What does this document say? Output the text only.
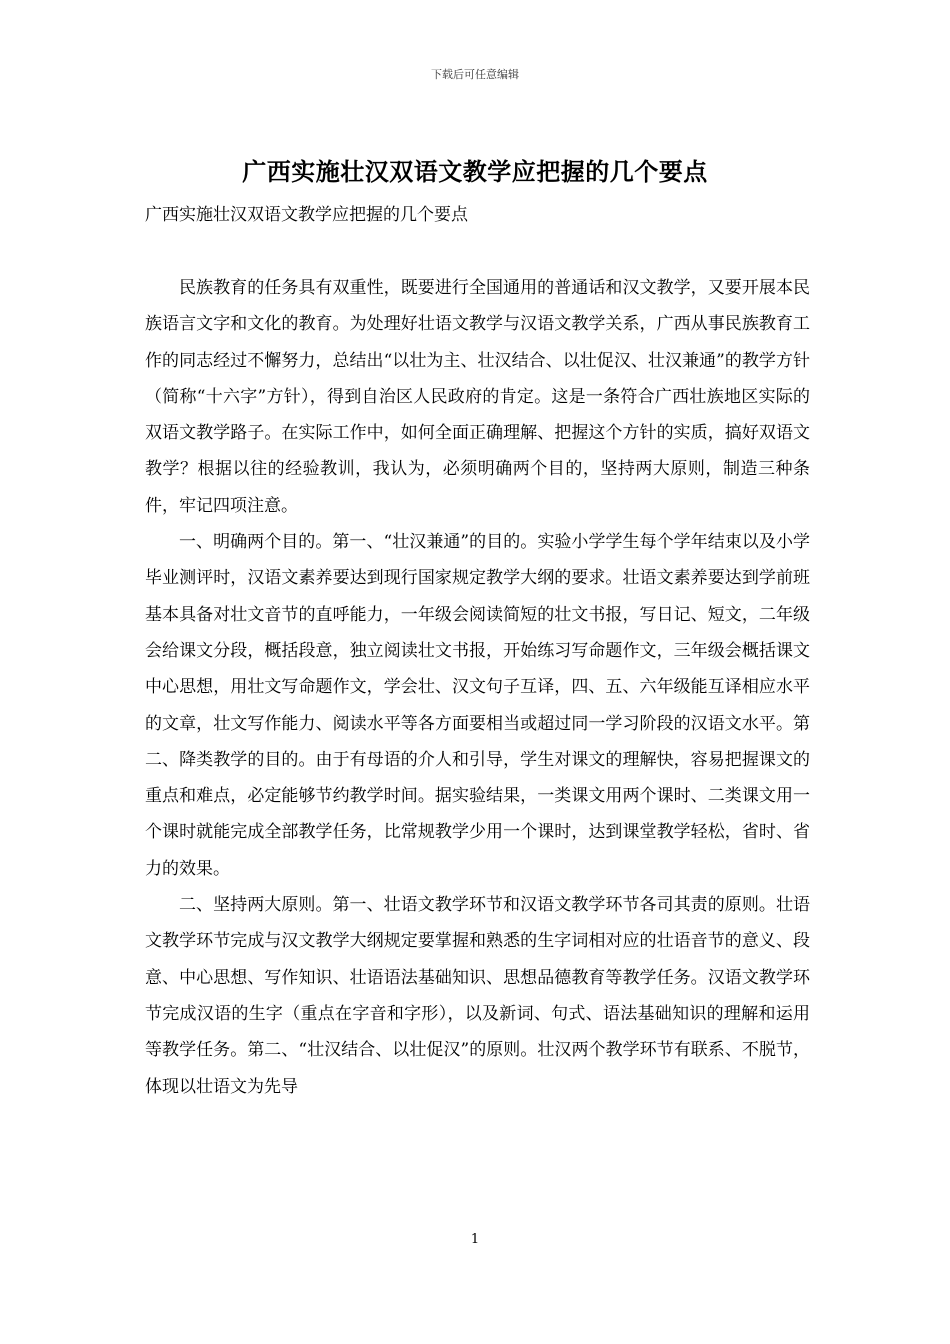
下载后可任意编辑
广西实施壮汉双语文教学应把握的几个要点
广西实施壮汉双语文教学应把握的几个要点

民族教育的任务具有双重性，既要进行全国通用的普通话和汉文教学，又要开展本民族语言文字和文化的教育。为处理好壮语文教学与汉语文教学关系，广西从事民族教育工作的同志经过不懈努力，总结出“以壮为主、壮汉结合、以壮促汉、壮汉兼通”的教学方针（简称“十六字”方针），得到自治区人民政府的肯定。这是一条符合广西壮族地区实际的双语文教学路子。在实际工作中，如何全面正确理解、把握这个方针的实质，搞好双语文教学？根据以往的经验教训，我认为，必须明确两个目的，坚持两大原则，制造三种条件，牢记四项注意。

一、明确两个目的。第一、“壮汉兼通”的目的。实验小学学生每个学年结束以及小学毕业测评时，汉语文素养要达到现行国家规定教学大纲的要求。壮语文素养要达到学前班基本具备对壮文音节的直呼能力，一年级会阅读简短的壮文书报，写日记、短文，二年级会给课文分段，概括段意，独立阅读壮文书报，开始练习写命题作文，三年级会概括课文中心思想，用壮文写命题作文，学会壮、汉文句子互译，四、五、六年级能互译相应水平的文章，壮文写作能力、阅读水平等各方面要相当或超过同一学习阶段的汉语文水平。第二、降类教学的目的。由于有母语的介人和引导，学生对课文的理解快，容易把握课文的重点和难点，必定能够节约教学时间。据实验结果，一类课文用两个课时、二类课文用一个课时就能完成全部教学任务，比常规教学少用一个课时，达到课堂教学轻松，省时、省力的效果。

二、坚持两大原则。第一、壮语文教学环节和汉语文教学环节各司其责的原则。壮语文教学环节完成与汉文教学大纲规定要掌握和熟悉的生字词相对应的壮语音节的意义、段意、中心思想、写作知识、壮语语法基础知识、思想品德教育等教学任务。汉语文教学环节完成汉语的生字（重点在字音和字形），以及新词、句式、语法基础知识的理解和运用等教学任务。第二、“壮汉结合、以壮促汉”的原则。壮汉两个教学环节有联系、不脱节，体现以壮语文为先导

1
